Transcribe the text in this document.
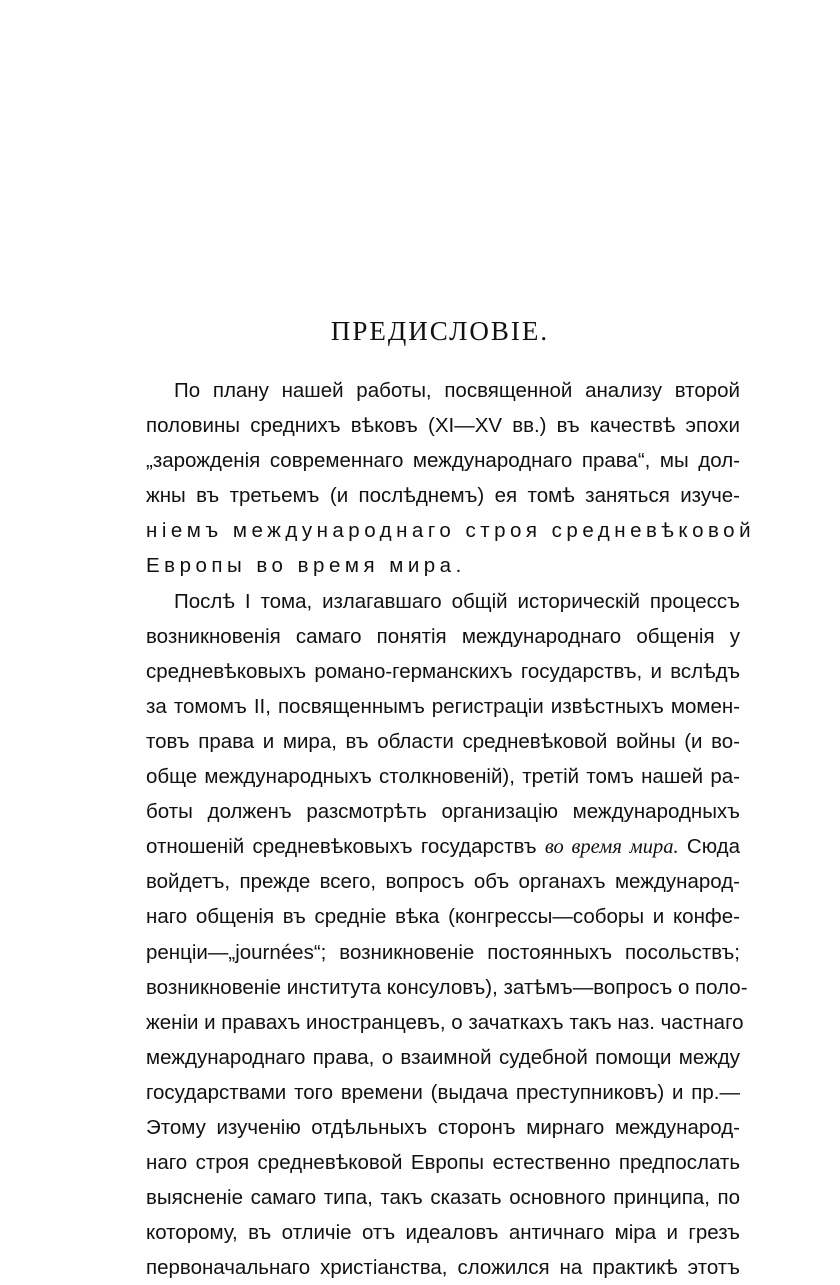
ПРЕДИСЛОВІЕ.
По плану нашей работы, посвященной анализу второй
половины среднихъ вѣковъ (XI—XV вв.) въ качествѣ эпохи
„зарожденія современнаго международнаго права“, мы дол-
жны въ третьемъ (и послѣднемъ) ея томѣ заняться изуче-
ніемъ международнаго строя средневѣковой
Европы во время мира.
Послѣ I тома, излагавшаго общій историческій процессъ
возникновенія самаго понятія международнаго общенія у
средневѣковыхъ романо-германскихъ государствъ, и вслѣдъ
за томомъ II, посвященнымъ регистраціи извѣстныхъ момен-
товъ права и мира, въ области средневѣковой войны (и во-
обще международныхъ столкновеній), третій томъ нашей ра-
боты долженъ разсмотрѣть организацію международныхъ
отношеній средневѣковыхъ государствъ во время мира. Сюда
войдетъ, прежде всего, вопросъ объ органахъ международ-
наго общенія въ средніе вѣка (конгрессы—соборы и конфе-
ренціи—„journées“; возникновеніе постоянныхъ посольствъ;
возникновеніе института консуловъ), затѣмъ—вопросъ о поло-
женіи и правахъ иностранцевъ, о зачаткахъ такъ наз. частнаго
международнаго права, о взаимной судебной помощи между
государствами того времени (выдача преступниковъ) и пр.—
Этому изученію отдѣльныхъ сторонъ мирнаго международ-
наго строя средневѣковой Европы естественно предпослать
выясненіе самаго типа, такъ сказать основного принципа, по
которому, въ отличіе отъ идеаловъ античнаго міра и грезъ
первоначальнаго христіанства, сложился на практикѣ этотъ
